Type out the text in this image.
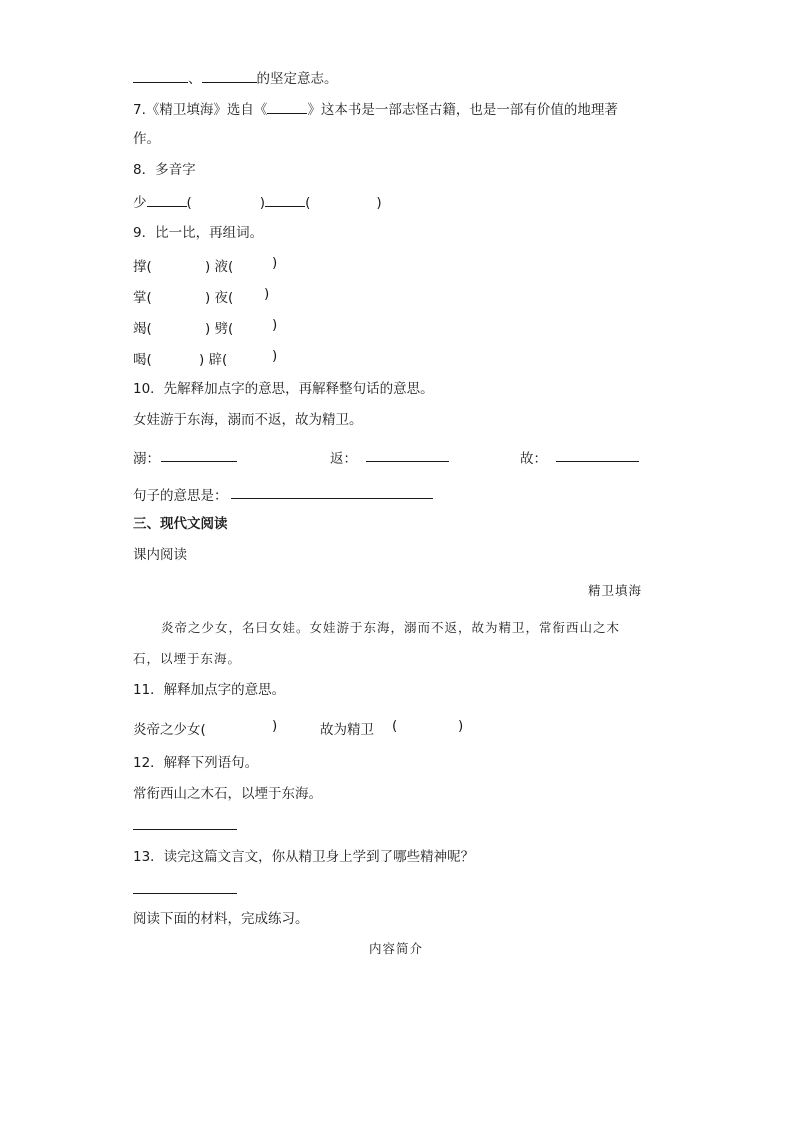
、	的坚定意志。
7.《精卫填海》选自《	》这本书是一部志怪古籍，也是一部有价值的地理著
作。
8．多音字
少	(	)	(	)
9．比一比，再组词。
撑(	) 液(	)
掌(	) 夜( )
竭(	) 劈(	)
喝(	) 辟(	)
10．先解释加点字的意思，再解释整句话的意思。
女娃游于东海，溺而不返，故为精卫。
溺：	返：	故：
句子的意思是：
三、现代文阅读
课内阅读
精卫填海
炎帝之少女，名曰女娃。女娃游于东海，溺而不返，故为精卫，常衔西山之木
石，以堙于东海。
11．解释加点字的意思。
炎帝之少女(	)	故为精卫 (	)
12．解释下列语句。
常衔西山之木石，以堙于东海。
13．读完这篇文言文，你从精卫身上学到了哪些精神呢？
阅读下面的材料，完成练习。
内容简介
